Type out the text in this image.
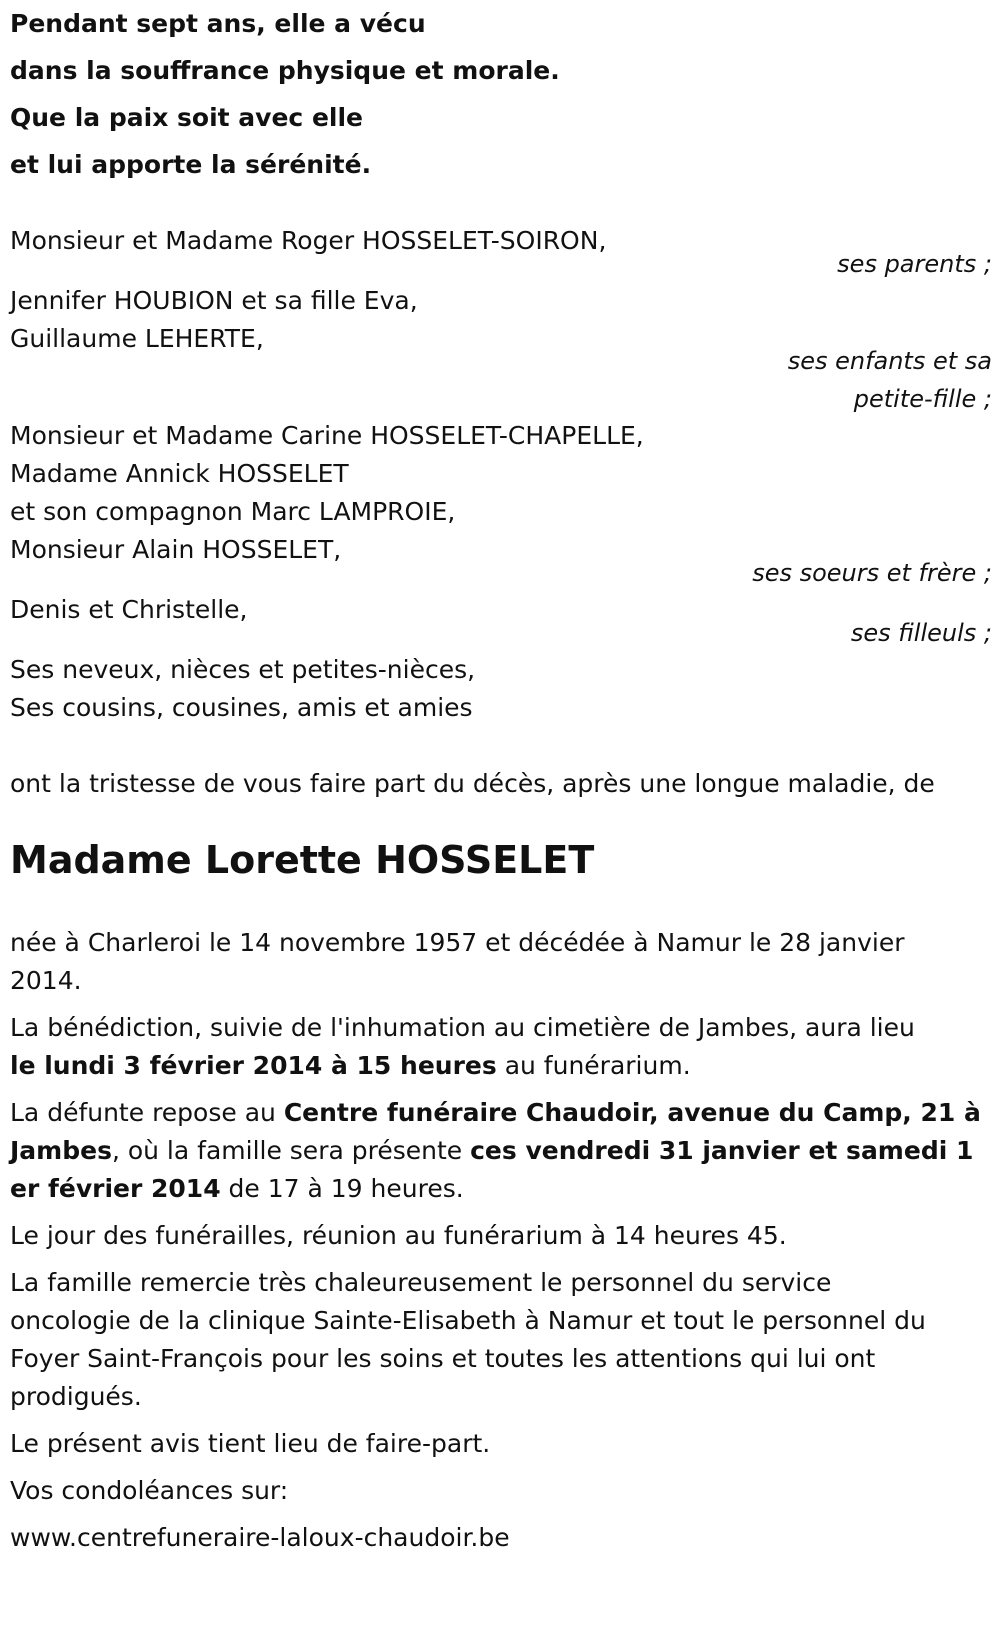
Pendant sept ans, elle a vécu
dans la souffrance physique et morale.
Que la paix soit avec elle
et lui apporte la sérénité.
Monsieur et Madame Roger HOSSELET-SOIRON,
ses parents ;
Jennifer HOUBION et sa fille Eva,
Guillaume LEHERTE,
ses enfants et sa
petite-fille ;
Monsieur et Madame Carine HOSSELET-CHAPELLE,
Madame Annick HOSSELET
et son compagnon Marc LAMPROIE,
Monsieur Alain HOSSELET,
ses soeurs et frère ;
Denis et Christelle,
ses filleuls ;
Ses neveux, nièces et petites-nièces,
Ses cousins, cousines, amis et amies
ont la tristesse de vous faire part du décès, après une longue maladie, de
Madame Lorette HOSSELET
née à Charleroi le 14 novembre 1957 et décédée à Namur le 28 janvier
2014.
La bénédiction, suivie de l'inhumation au cimetière de Jambes, aura lieu
le lundi 3 février 2014 à 15 heures au funérarium.
La défunte repose au Centre funéraire Chaudoir, avenue du Camp, 21 à
Jambes, où la famille sera présente ces vendredi 31 janvier et samedi 1
er février 2014 de 17 à 19 heures.
Le jour des funérailles, réunion au funérarium à 14 heures 45.
La famille remercie très chaleureusement le personnel du service
oncologie de la clinique Sainte-Elisabeth à Namur et tout le personnel du
Foyer Saint-François pour les soins et toutes les attentions qui lui ont
prodigués.
Le présent avis tient lieu de faire-part.
Vos condoléances sur:
www.centrefuneraire-laloux-chaudoir.be
